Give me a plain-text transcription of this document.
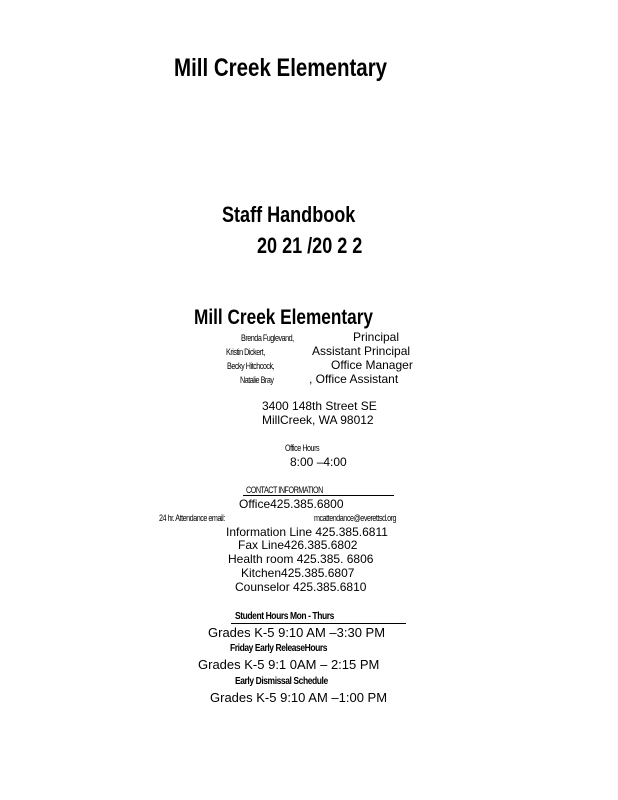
Mill Creek Elementary
Staff Handbook
20 21 /20 2 2
Mill Creek Elementary
Brenda Fuglevand,	Principal
Kristin Dickert,	Assistant Principal
Becky Hitchcock,	Office Manager
Natalie Bray	, Office Assistant
3400 148th Street SE
MillCreek, WA 98012
Office Hours
8:00 –4:00
CONTACT INFORMATION
Office425.385.6800
24 hr. Attendance email:	mcattendance@everettsd.org
Information Line 425.385.6811
Fax Line426.385.6802
Health room 425.385. 6806
Kitchen425.385.6807
Counselor 425.385.6810
Student Hours Mon - Thurs
Grades K-5 9:10 AM –3:30 PM
Friday Early ReleaseHours
Grades K-5 9:1 0AM – 2:15 PM
Early Dismissal Schedule
Grades K-5 9:10 AM –1:00 PM
